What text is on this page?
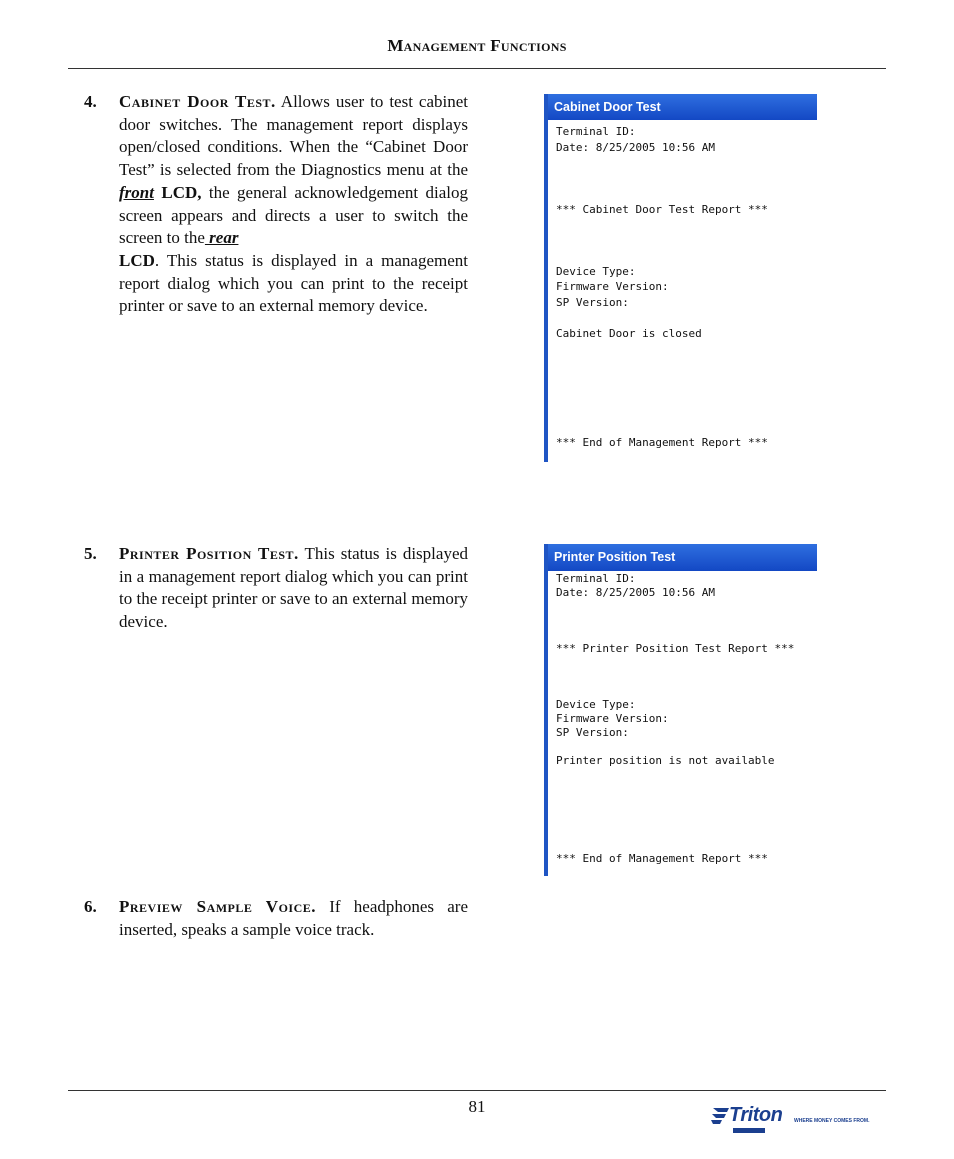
Management Functions
4. Cabinet Door Test. Allows user to test cabinet door switches. The management report displays open/closed conditions. When the “Cabinet Door Test” is selected from the Diagnostics menu at the front LCD, the general acknowledgement dialog screen appears and directs a user to switch the screen to the rear
LCD. This status is displayed in a management report dialog which you can print to the receipt printer or save to an external memory device.
Cabinet Door Test
Terminal ID:
Date: 8/25/2005 10:56 AM
*** Cabinet Door Test Report ***
Device Type:
Firmware Version:
SP Version:
Cabinet Door is closed
*** End of Management Report ***
5. Printer Position Test. This status is displayed in a management report dialog which you can print to the receipt printer or save to an external memory device.
Printer Position Test
Terminal ID:
Date: 8/25/2005 10:56 AM
*** Printer Position Test Report ***
Device Type:
Firmware Version:
SP Version:
Printer position is not available
*** End of Management Report ***
6. Preview Sample Voice. If headphones are inserted, speaks a sample voice track.
81	Triton WHERE MONEY COMES FROM.
